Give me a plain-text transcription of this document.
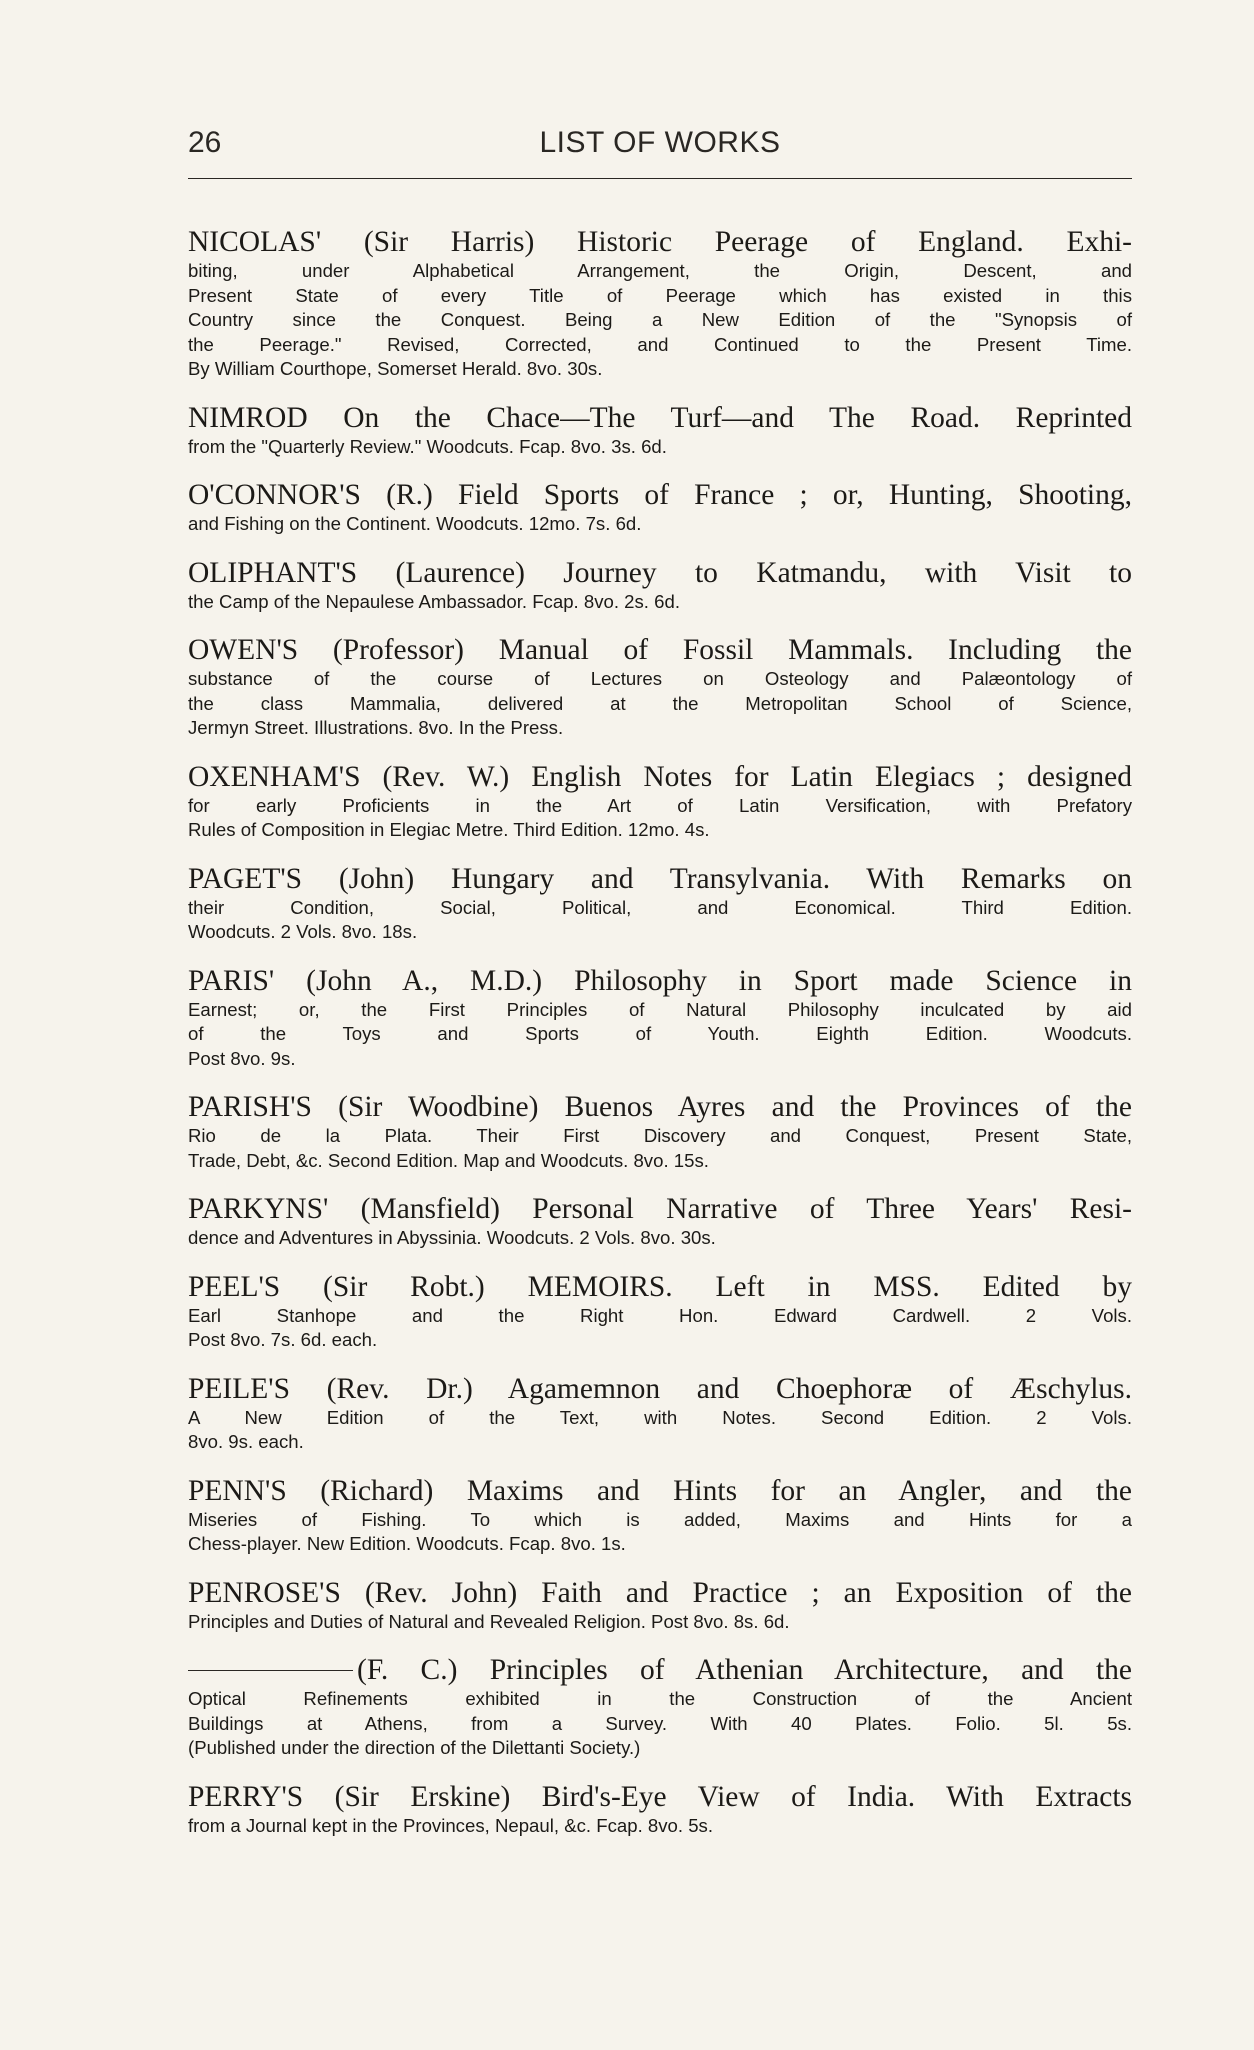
26	LIST OF WORKS
NICOLAS' (Sir Harris) Historic Peerage of England. Exhi-
biting, under Alphabetical Arrangement, the Origin, Descent, and
Present State of every Title of Peerage which has existed in this
Country since the Conquest. Being a New Edition of the "Synopsis of
the Peerage." Revised, Corrected, and Continued to the Present Time.
By William Courthope, Somerset Herald. 8vo. 30s.
NIMROD On the Chace—The Turf—and The Road. Reprinted
from the "Quarterly Review." Woodcuts. Fcap. 8vo. 3s. 6d.
O'CONNOR'S (R.) Field Sports of France ; or, Hunting, Shooting,
and Fishing on the Continent. Woodcuts. 12mo. 7s. 6d.
OLIPHANT'S (Laurence) Journey to Katmandu, with Visit to
the Camp of the Nepaulese Ambassador. Fcap. 8vo. 2s. 6d.
OWEN'S (Professor) Manual of Fossil Mammals. Including the
substance of the course of Lectures on Osteology and Palæontology of
the class Mammalia, delivered at the Metropolitan School of Science,
Jermyn Street. Illustrations. 8vo. In the Press.
OXENHAM'S (Rev. W.) English Notes for Latin Elegiacs ; designed
for early Proficients in the Art of Latin Versification, with Prefatory
Rules of Composition in Elegiac Metre. Third Edition. 12mo. 4s.
PAGET'S (John) Hungary and Transylvania. With Remarks on
their Condition, Social, Political, and Economical. Third Edition.
Woodcuts. 2 Vols. 8vo. 18s.
PARIS' (John A., M.D.) Philosophy in Sport made Science in
Earnest; or, the First Principles of Natural Philosophy inculcated by aid
of the Toys and Sports of Youth. Eighth Edition. Woodcuts.
Post 8vo. 9s.
PARISH'S (Sir Woodbine) Buenos Ayres and the Provinces of the
Rio de la Plata. Their First Discovery and Conquest, Present State,
Trade, Debt, &c. Second Edition. Map and Woodcuts. 8vo. 15s.
PARKYNS' (Mansfield) Personal Narrative of Three Years' Resi-
dence and Adventures in Abyssinia. Woodcuts. 2 Vols. 8vo. 30s.
PEEL'S (Sir Robt.) MEMOIRS. Left in MSS. Edited by
Earl Stanhope and the Right Hon. Edward Cardwell. 2 Vols.
Post 8vo. 7s. 6d. each.
PEILE'S (Rev. Dr.) Agamemnon and Choephoræ of Æschylus.
A New Edition of the Text, with Notes. Second Edition. 2 Vols.
8vo. 9s. each.
PENN'S (Richard) Maxims and Hints for an Angler, and the
Miseries of Fishing. To which is added, Maxims and Hints for a
Chess-player. New Edition. Woodcuts. Fcap. 8vo. 1s.
PENROSE'S (Rev. John) Faith and Practice ; an Exposition of the
Principles and Duties of Natural and Revealed Religion. Post 8vo. 8s. 6d.
(F. C.) Principles of Athenian Architecture, and the
Optical Refinements exhibited in the Construction of the Ancient
Buildings at Athens, from a Survey. With 40 Plates. Folio. 5l. 5s.
(Published under the direction of the Dilettanti Society.)
PERRY'S (Sir Erskine) Bird's-Eye View of India. With Extracts
from a Journal kept in the Provinces, Nepaul, &c. Fcap. 8vo. 5s.
